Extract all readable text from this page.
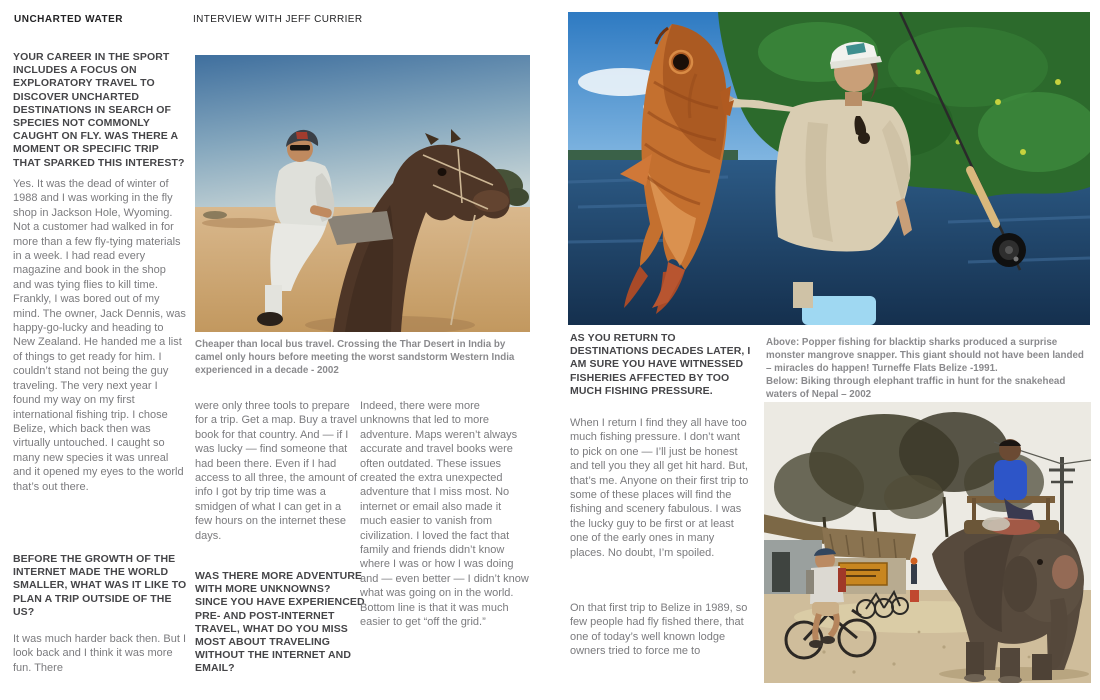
UNCHARTED WATER	INTERVIEW WITH JEFF CURRIER
YOUR CAREER IN THE SPORT INCLUDES A FOCUS ON EXPLORATORY TRAVEL TO DISCOVER UNCHARTED DESTINATIONS IN SEARCH OF SPECIES NOT COMMONLY CAUGHT ON FLY. WAS THERE A MOMENT OR SPECIFIC TRIP THAT SPARKED THIS INTEREST?
Yes. It was the dead of winter of 1988 and I was working in the fly shop in Jackson Hole, Wyoming. Not a customer had walked in for more than a few fly-tying materials in a week. I had read every magazine and book in the shop and was tying flies to kill time. Frankly, I was bored out of my mind. The owner, Jack Dennis, was happy-go-lucky and heading to New Zealand. He handed me a list of things to get ready for him. I couldn’t stand not being the guy traveling. The very next year I found my way on my first international fishing trip. I chose Belize, which back then was virtually untouched. I caught so many new species it was unreal and it opened my eyes to the world that’s out there.
BEFORE THE GROWTH OF THE INTERNET MADE THE WORLD SMALLER, WHAT WAS IT LIKE TO PLAN A TRIP OUTSIDE OF THE US?
It was much harder back then. But I look back and I think it was more fun. There
Cheaper than local bus travel. Crossing the Thar Desert in India by camel only hours before meeting the worst sandstorm Western India experienced in a decade - 2002
were only three tools to prepare for a trip. Get a map. Buy a travel book for that country. And — if I was lucky — find someone that had been there. Even if I had access to all three, the amount of info I got by trip time was a smidgen of what I can get in a few hours on the internet these days.
WAS THERE MORE ADVENTURE WITH MORE UNKNOWNS? SINCE YOU HAVE EXPERIENCED PRE- AND POST-INTERNET TRAVEL, WHAT DO YOU MISS MOST ABOUT TRAVELING WITHOUT THE INTERNET AND EMAIL?
Indeed, there were more unknowns that led to more adventure. Maps weren’t always accurate and travel books were often outdated. These issues created the extra unexpected adventure that I miss most. No internet or email also made it much easier to vanish from civilization. I loved the fact that family and friends didn’t know where I was or how I was doing and — even better — I didn’t know what was going on in the world. Bottom line is that it was much easier to get “off the grid.”
AS YOU RETURN TO DESTINATIONS DECADES LATER, I AM SURE YOU HAVE WITNESSED FISHERIES AFFECTED BY TOO MUCH FISHING PRESSURE.
When I return I find they all have too much fishing pressure. I don’t want to pick on one — I’ll just be honest and tell you they all get hit hard. But, that’s me. Anyone on their first trip to some of these places will find the fishing and scenery fabulous. I was the lucky guy to be first or at least one of the early ones in many places. No doubt, I’m spoiled.
On that first trip to Belize in 1989, so few people had fly fished there, that one of today’s well known lodge owners tried to force me to
Above: Popper fishing for blacktip sharks produced a surprise monster mangrove snapper. This giant should not have been landed – miracles do happen! Turneffe Flats Belize -1991.
Below: Biking through elephant traffic in hunt for the snakehead waters of Nepal – 2002
